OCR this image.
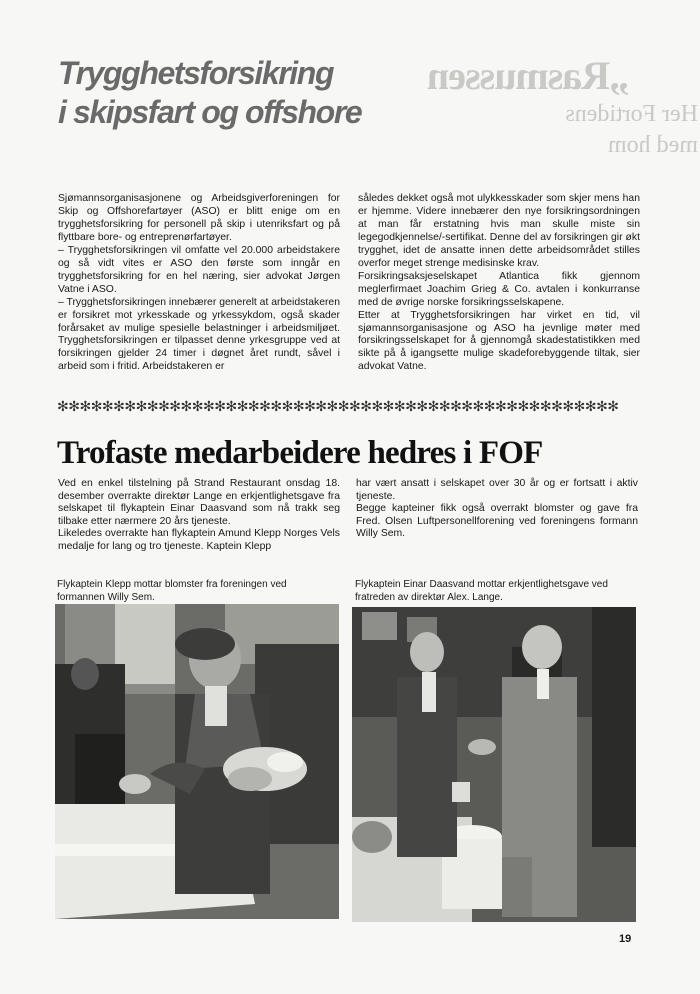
„Rasmussen
Her Fortidens
med hom
Trygghetsforsikring
i skipsfart og offshore

Sjømannsorganisasjonene og Arbeidsgiverforeningen for Skip og Offshorefartøyer (ASO) er blitt enige om en trygghetsforsikring for personell på skip i utenriksfart og på flyttbare bore- og entreprenørfartøyer.

– Trygghetsforsikringen vil omfatte vel 20.000 arbeidstakere og så vidt vites er ASO den første som inngår en trygghetsforsikring for en hel næring, sier advokat Jørgen Vatne i ASO.

– Trygghetsforsikringen innebærer generelt at arbeidstakeren er forsikret mot yrkesskade og yrkessykdom, også skader forårsaket av mulige spesielle belastninger i arbeidsmiljøet. Trygghetsforsikringen er tilpasset denne yrkesgruppe ved at forsikringen gjelder 24 timer i døgnet året rundt, såvel i arbeid som i fritid. Arbeidstakeren er

således dekket også mot ulykkesskader som skjer mens han er hjemme. Videre innebærer den nye forsikringsordningen at man får erstatning hvis man skulle miste sin legegodkjennelse/-sertifikat. Denne del av forsikringen gir økt trygghet, idet de ansatte innen dette arbeidsområdet stilles overfor meget strenge medisinske krav.

Forsikringsaksjeselskapet Atlantica fikk gjennom meglerfirmaet Joachim Grieg & Co. avtalen i konkurranse med de øvrige norske forsikringsselskapene.

Etter at Trygghetsforsikringen har virket en tid, vil sjømannsorganisasjone og ASO ha jevnlige møter med forsikringsselskapet for å gjennomgå skadestatistikken med sikte på å igangsette mulige skadeforebyggende tiltak, sier advokat Vatne.

✻✻✻✻✻✻✻✻✻✻✻✻✻✻✻✻✻✻✻✻✻✻✻✻✻✻✻✻✻✻✻✻✻✻✻✻✻✻✻✻✻✻✻✻✻✻✻✻✻✻
Trofaste medarbeidere hedres i FOF

Ved en enkel tilstelning på Strand Restaurant onsdag 18. desember overrakte direktør Lange en erkjentlighetsgave fra selskapet til flykaptein Einar Daasvand som nå trakk seg tilbake etter nærmere 20 års tjeneste.

Likeledes overrakte han flykaptein Amund Klepp Norges Vels medalje for lang og tro tjeneste. Kaptein Klepp

har vært ansatt i selskapet over 30 år og er fortsatt i aktiv tjeneste.

Begge kapteiner fikk også overrakt blomster og gave fra Fred. Olsen Luftpersonellforening ved foreningens formann Willy Sem.

Flykaptein Klepp mottar blomster fra foreningen ved formannen Willy Sem.

Flykaptein Einar Daasvand mottar erkjentlighetsgave ved fratreden av direktør Alex. Lange.

19
